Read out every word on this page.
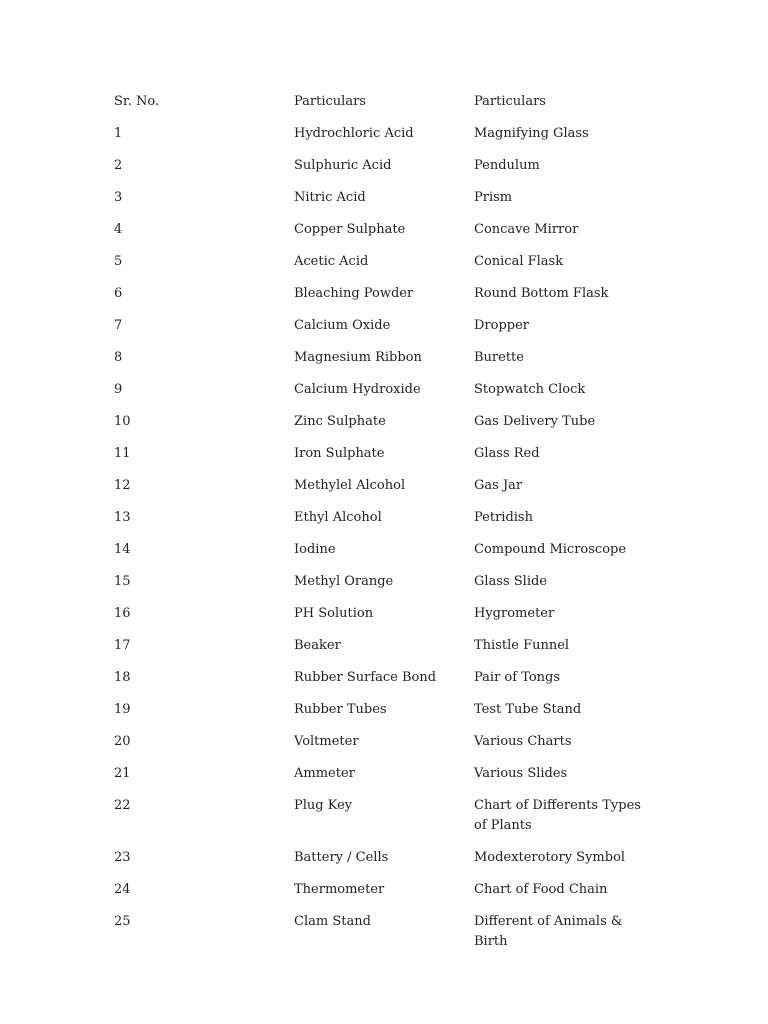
Sr. No.	Particulars	Particulars
1	Hydrochloric Acid	Magnifying Glass
2	Sulphuric Acid	Pendulum
3	Nitric Acid	Prism
4	Copper Sulphate	Concave Mirror
5	Acetic Acid	Conical Flask
6	Bleaching Powder	Round Bottom Flask
7	Calcium Oxide	Dropper
8	Magnesium Ribbon	Burette
9	Calcium Hydroxide	Stopwatch Clock
10	Zinc Sulphate	Gas Delivery Tube
11	Iron Sulphate	Glass Red
12	Methylel Alcohol	Gas Jar
13	Ethyl Alcohol	Petridish
14	Iodine	Compound Microscope
15	Methyl Orange	Glass Slide
16	PH Solution	Hygrometer
17	Beaker	Thistle Funnel
18	Rubber Surface Bond	Pair of Tongs
19	Rubber Tubes	Test Tube Stand
20	Voltmeter	Various Charts
21	Ammeter	Various Slides
22	Plug Key	Chart of Differents Types of Plants
23	Battery / Cells	Modexterotory Symbol
24	Thermometer	Chart of Food Chain
25	Clam Stand	Different of Animals & Birth
